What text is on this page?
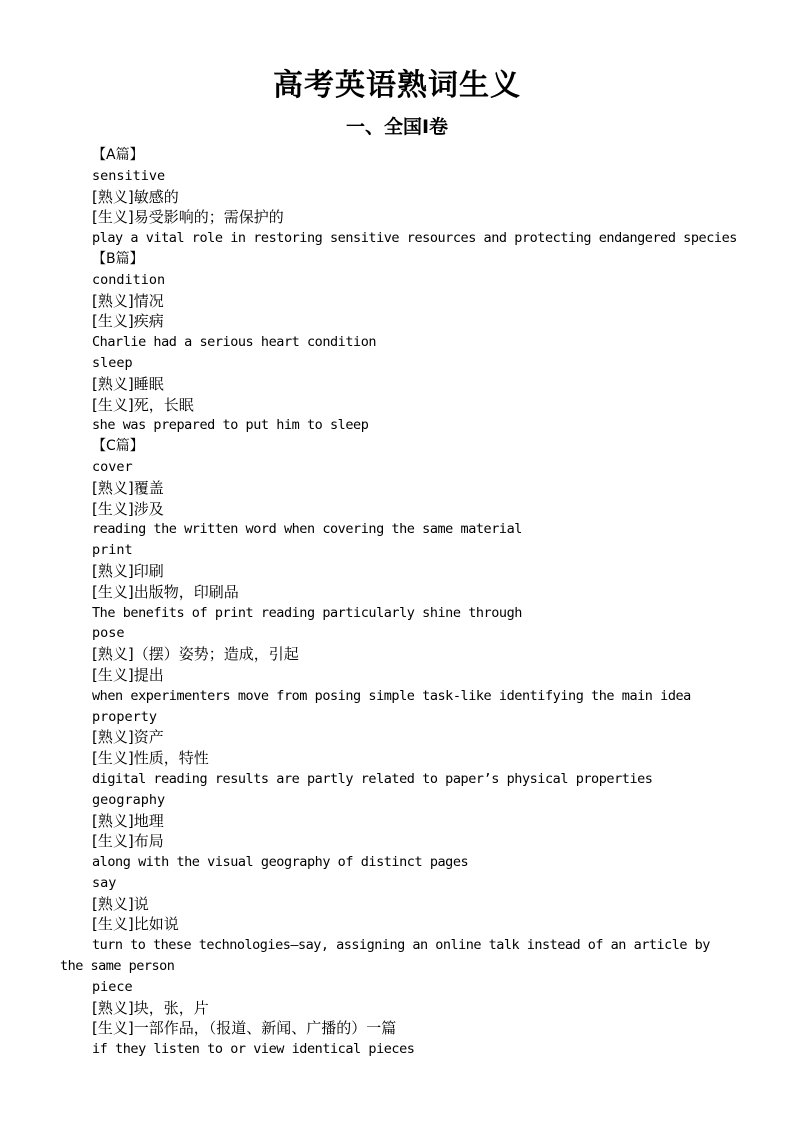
高考英语熟词生义
一、全国Ⅰ卷
【A篇】
sensitive
[熟义]敏感的
[生义]易受影响的；需保护的
play a vital role in restoring sensitive resources and protecting endangered species
【B篇】
condition
[熟义]情况
[生义]疾病
Charlie had a serious heart condition
sleep
[熟义]睡眠
[生义]死，长眠
she was prepared to put him to sleep
【C篇】
cover
[熟义]覆盖
[生义]涉及
reading the written word when covering the same material
print
[熟义]印刷
[生义]出版物，印刷品
The benefits of print reading particularly shine through
pose
[熟义]（摆）姿势；造成，引起
[生义]提出
when experimenters move from posing simple task-like identifying the main idea
property
[熟义]资产
[生义]性质，特性
digital reading results are partly related to paper’s physical properties
geography
[熟义]地理
[生义]布局
along with the visual geography of distinct pages
say
[熟义]说
[生义]比如说
turn to these technologies—say, assigning an online talk instead of an article by the same person
piece
[熟义]块，张，片
[生义]一部作品，（报道、新闻、广播的）一篇
if they listen to or view identical pieces
